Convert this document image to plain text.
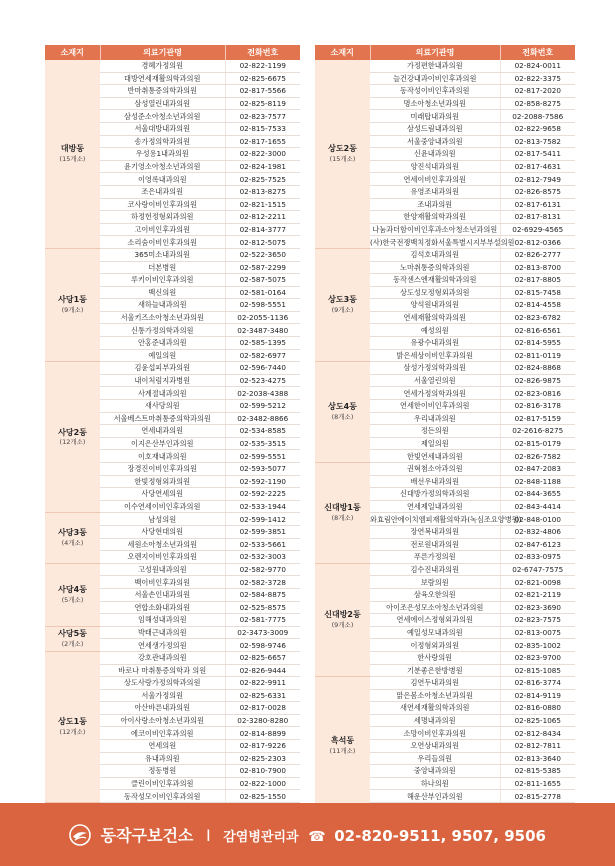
소재지	의료기관명	전화번호
대방동
(15개소)	경혜가정의원	02-822-1199
	대방연세재활의학과의원	02-825-6675
	반마취통증의학과의원	02-817-5566
	삼성열린내과의원	02-825-8119
	삼성준소아청소년과의원	02-823-7577
	서울대방내과의원	02-815-7533
	송가정의학과의원	02-817-1655
	우성용1내과의원	02-822-3000
	윤기영소아청소년과의원	02-824-1981
	이영록내과의원	02-825-7525
	조은내과의원	02-813-8275
	코사랑이비인후과의원	02-821-1515
	하정헌정형외과의원	02-812-2211
	고이비인후과의원	02-814-3777
	소리숨이비인후과의원	02-812-5075
사당1동
(9개소)	365미소내과의원	02-522-3650
	더본병원	02-587-2299
	루키이비인후과의원	02-587-5075
	백신의원	02-581-0164
	새하늘내과의원	02-598-5551
	서울키즈소아청소년과의원	02-2055-1136
	신통가정의학과의원	02-3487-3480
	안홍준내과의원	02-585-1395
	예일의원	02-582-6977
사당2동
(12개소)	김윤섭피부과의원	02-596-7440
	내이처럼지과병원	02-523-4275
	사계절내과의원	02-2038-4388
	새사당의원	02-599-5212
	서울베스트마취통증의학과의원	02-3482-8866
	연세내과의원	02-534-8585
	이지은산부인과의원	02-535-3515
	이호재내과의원	02-599-5551
	장경진이비인후과의원	02-593-5077
	한빛정형외과의원	02-592-1190
	사당연세의원	02-592-2225
	이수연세이비인후과의원	02-533-1944
사당3동
(4개소)	남성의원	02-599-1412
	사당현대의원	02-599-3851
	세원소아청소년과의원	02-533-5661
	오렌지이비인후과의원	02-532-3003
사당4동
(5개소)	고성원내과의원	02-582-9770
	백이비인후과의원	02-582-3728
	서울손인내과의원	02-584-8875
	연합소화내과의원	02-525-8575
	임해성내과의원	02-581-7775
사당5동
(2개소)	박태근내과의원	02-3473-3009
	연세생가정의원	02-598-9746
상도1동
(12개소)	강호관내과의원	02-825-6657
	바로나 마취통증의학과 의원	02-826-9444
	상도사랑가정의학과의원	02-822-9911
	서울가정의원	02-825-6331
	아산바른내과의원	02-817-0028
	아이사랑소아청소년과의원	02-3280-8280
	에코이비인후과의원	02-814-8899
	연세의원	02-817-9226
	유내과의원	02-825-2303
	정동병원	02-810-7900
	클린이비인후과의원	02-822-1000
	동작성모이비인후과의원	02-825-1550
소재지	의료기관명	전화번호
상도2동
(15개소)	가정편한내과의원	02-824-0011
	늘건강내과이비인후과의원	02-822-3375
	동작성이비인후과의원	02-817-2020
	명소아청소년과의원	02-858-8275
	미래탑내과의원	02-2088-7586
	삼성드림내과의원	02-822-9658
	서울중앙내과의원	02-813-7582
	신윤내과의원	02-817-5411
	양진석내과의원	02-817-4631
	연세이비인후과의원	02-812-7949
	유영조내과의원	02-826-8575
	조내과의원	02-817-6131
	한양재활의학과의원	02-817-8131
	나눔과더함이비인후과소아청소년과의원	02-6929-4565
	(사)한국전쟁백치정화서울특별시지부부설의원	02-812-0366
상도3동
(9개소)	김석호내과의원	02-826-2777
	노마취통증의학과의원	02-813-8700
	동작센스엔재활의학과의원	02-817-8805
	상도성모정형외과의원	02-815-7458
	양석원내과의원	02-814-4558
	연세재활의학과의원	02-823-6782
	예성의원	02-816-6561
	유광수내과의원	02-814-5955
	밝은세상이비인후과의원	02-811-0119
상도4동
(8개소)	삼성가정의학과의원	02-824-8868
	서울열린의원	02-826-9875
	연세가정의학과의원	02-823-0816
	연세한이비인후과의원	02-816-3178
	우리내과의원	02-817-5159
	정든의원	02-2616-8275
	제일의원	02-815-0179
	한빛연세내과의원	02-826-7582
신대방1동
(8개소)	권혁첨소아과의원	02-847-2083
	배선우내과의원	02-848-1188
	신대방가정의학과의원	02-844-3655
	연세제일내과의원	02-843-4414
	와효림안에이치엠피재활의학과(녹심조요양병원)	02-848-0100
	장연복내과의원	02-832-4806
	전로원내과의원	02-847-6123
	푸른가정의원	02-833-0975
신대방2동
(9개소)	김수진내과의원	02-6747-7575
	보람의원	02-821-0098
	삼육오한의원	02-821-2119
	아이조은성모소아청소년과의원	02-823-3690
	연세에이스정형외과의원	02-823-7575
	예일성모내과의원	02-813-0075
	이정형외과의원	02-835-1002
	한사랑의원	02-823-9700
	기분좋은한방병원	02-815-1085
흑석동
(11개소)	김연두내과의원	02-816-3774
	맑은봄소아청소년과의원	02-814-9119
	새연세재활의학과의원	02-816-0880
	세명내과의원	02-825-1065
	소망이비인후과의원	02-812-8434
	오연상내과의원	02-812-7811
	우리들의원	02-813-3640
	중앙내과의원	02-815-5385
	하나의원	02-811-1655
	해운산부인과의원	02-815-2778

동작구보건소 I 감염병관리과 ☎ 02-820-9511, 9507, 9506
